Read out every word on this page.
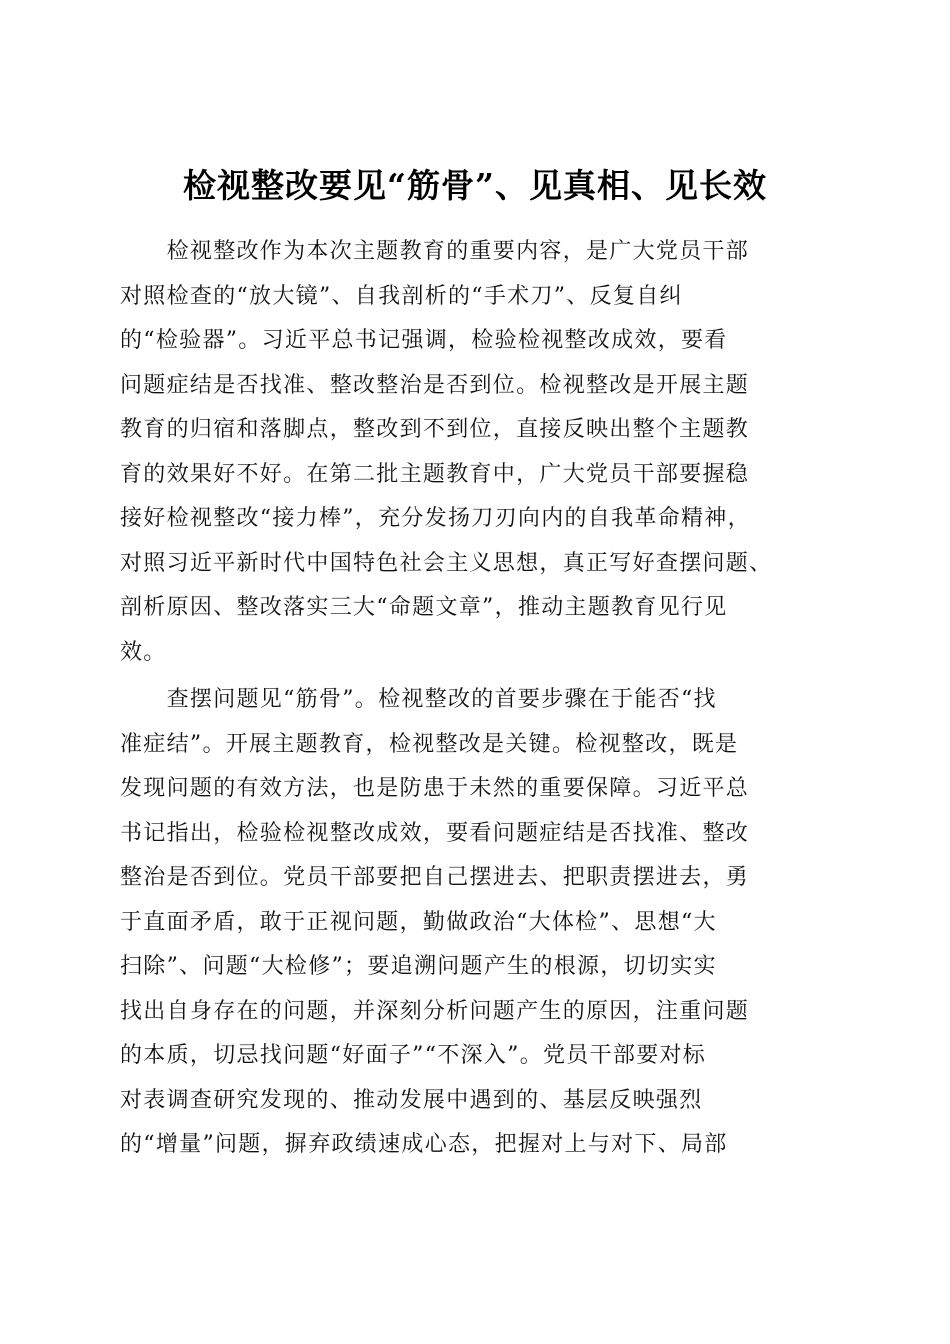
检视整改要见“筋骨”、见真相、见长效
　　检视整改作为本次主题教育的重要内容，是广大党员干部
对照检查的“放大镜”、自我剖析的“手术刀”、反复自纠
的“检验器”。习近平总书记强调，检验检视整改成效，要看
问题症结是否找准、整改整治是否到位。检视整改是开展主题
教育的归宿和落脚点，整改到不到位，直接反映出整个主题教
育的效果好不好。在第二批主题教育中，广大党员干部要握稳
接好检视整改“接力棒”，充分发扬刀刃向内的自我革命精神，
对照习近平新时代中国特色社会主义思想，真正写好查摆问题、
剖析原因、整改落实三大“命题文章”，推动主题教育见行见
效。
　　查摆问题见“筋骨”。检视整改的首要步骤在于能否“找
准症结”。开展主题教育，检视整改是关键。检视整改，既是
发现问题的有效方法，也是防患于未然的重要保障。习近平总
书记指出，检验检视整改成效，要看问题症结是否找准、整改
整治是否到位。党员干部要把自己摆进去、把职责摆进去，勇
于直面矛盾，敢于正视问题，勤做政治“大体检”、思想“大
扫除”、问题“大检修”；要追溯问题产生的根源，切切实实
找出自身存在的问题，并深刻分析问题产生的原因，注重问题
的本质，切忌找问题“好面子”“不深入”。党员干部要对标
对表调查研究发现的、推动发展中遇到的、基层反映强烈
的“增量”问题，摒弃政绩速成心态，把握对上与对下、局部
